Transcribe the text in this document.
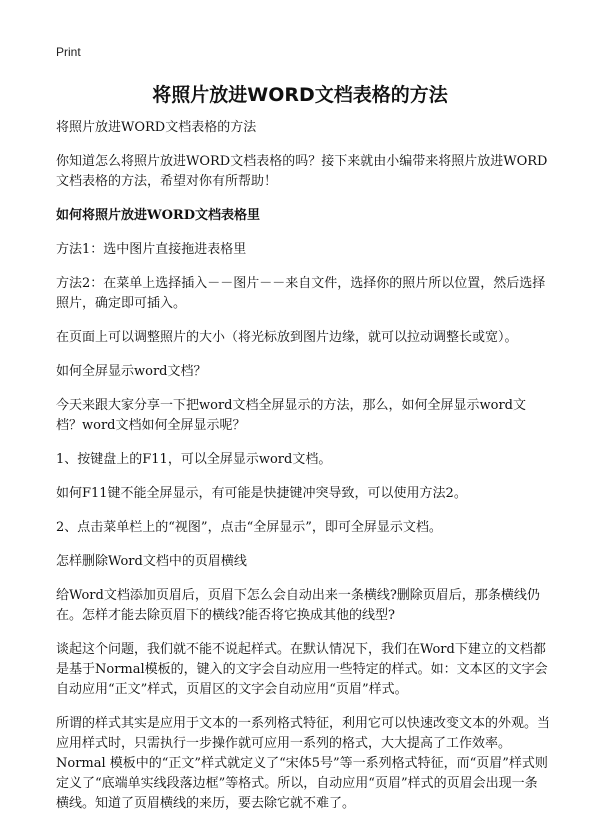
Print
将照片放进WORD文档表格的方法

将照片放进WORD文档表格的方法

你知道怎么将照片放进WORD文档表格的吗？接下来就由小编带来将照片放进WORD文档表格的方法，希望对你有所帮助！

如何将照片放进WORD文档表格里

方法1：选中图片直接拖进表格里

方法2：在菜单上选择插入－－图片－－来自文件，选择你的照片所以位置，然后选择照片，确定即可插入。

在页面上可以调整照片的大小（将光标放到图片边缘，就可以拉动调整长或宽）。

如何全屏显示word文档？

今天来跟大家分享一下把word文档全屏显示的方法，那么，如何全屏显示word文档？word文档如何全屏显示呢？

1、按键盘上的F11，可以全屏显示word文档。

如何F11键不能全屏显示，有可能是快捷键冲突导致，可以使用方法2。

2、点击菜单栏上的“视图”，点击“全屏显示”，即可全屏显示文档。

怎样删除Word文档中的页眉横线

给Word文档添加页眉后，页眉下怎么会自动出来一条横线?删除页眉后，那条横线仍在。怎样才能去除页眉下的横线?能否将它换成其他的线型?

谈起这个问题，我们就不能不说起样式。在默认情况下，我们在Word下建立的文档都是基于Normal模板的，键入的文字会自动应用一些特定的样式。如：文本区的文字会自动应用“正文”样式，页眉区的文字会自动应用“页眉”样式。

所谓的样式其实是应用于文本的一系列格式特征，利用它可以快速改变文本的外观。当应用样式时，只需执行一步操作就可应用一系列的格式，大大提高了工作效率。Normal 模板中的“正文”样式就定义了“宋体5号”等一系列格式特征，而“页眉”样式则定义了“底端单实线段落边框”等格式。所以，自动应用“页眉”样式的页眉会出现一条横线。知道了页眉横线的来历，要去除它就不难了。
